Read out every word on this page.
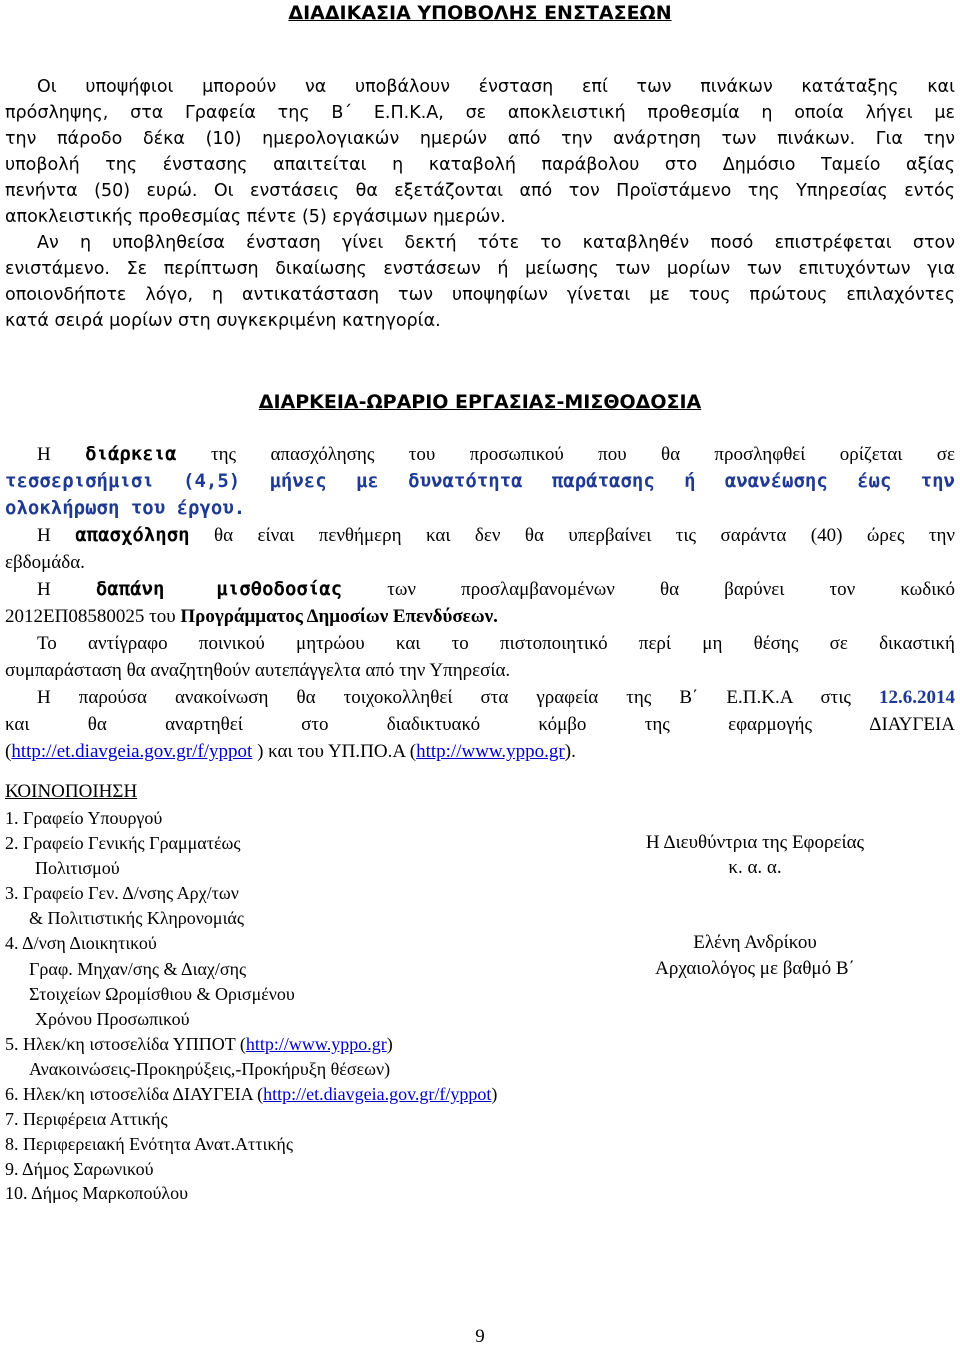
ΔΙΑΔΙΚΑΣΙΑ ΥΠΟΒΟΛΗΣ ΕΝΣΤΑΣΕΩΝ

Οι υποψήφιοι μπορούν να υποβάλουν ένσταση επί των πινάκων κατάταξης και

πρόσληψης, στα Γραφεία της Β΄ Ε.Π.Κ.Α, σε αποκλειστική προθεσμία η οποία λήγει με

την πάροδο δέκα (10) ημερολογιακών ημερών από την ανάρτηση των πινάκων. Για την

υποβολή της ένστασης απαιτείται η καταβολή παράβολου στο Δημόσιο Ταμείο αξίας

πενήντα (50) ευρώ. Οι ενστάσεις θα εξετάζονται από τον Προϊστάμενο της Υπηρεσίας εντός

αποκλειστικής προθεσμίας πέντε (5) εργάσιμων ημερών.

Αν η υποβληθείσα ένσταση γίνει δεκτή τότε το καταβληθέν ποσό επιστρέφεται στον

ενιστάμενο. Σε περίπτωση δικαίωσης ενστάσεων ή μείωσης των μορίων των επιτυχόντων για

οποιονδήποτε λόγο, η αντικατάσταση των υποψηφίων γίνεται με τους πρώτους επιλαχόντες

κατά σειρά μορίων στη συγκεκριμένη κατηγορία.

ΔΙΑΡΚΕΙΑ-ΩΡΑΡΙΟ ΕΡΓΑΣΙΑΣ-ΜΙΣΘΟΔΟΣΙΑ

Η διάρκεια της απασχόλησης του προσωπικού που θα προσληφθεί ορίζεται σε

τεσσερισήμισι (4,5) μήνες με δυνατότητα παράτασης ή ανανέωσης έως την

ολοκλήρωση του έργου.

Η απασχόληση θα είναι πενθήμερη και δεν θα υπερβαίνει τις σαράντα (40) ώρες την

εβδομάδα.

Η δαπάνη μισθοδοσίας των προσλαμβανομένων θα βαρύνει τον κωδικό

2012ΕΠ08580025 του Προγράμματος Δημοσίων Επενδύσεων.

Το αντίγραφο ποινικού μητρώου και το πιστοποιητικό περί μη θέσης σε δικαστική

συμπαράσταση θα αναζητηθούν αυτεπάγγελτα από την Υπηρεσία.

Η παρούσα ανακοίνωση θα τοιχοκολληθεί στα γραφεία της Β΄ Ε.Π.Κ.Α στις 12.6.2014

και θα αναρτηθεί στο διαδικτυακό κόμβο της εφαρμογής ΔΙΑΥΓΕΙΑ

(http://et.diavgeia.gov.gr/f/yppot ) και του ΥΠ.ΠΟ.Α (http://www.yppo.gr).

ΚΟΙΝΟΠΟΙΗΣΗ
1. Γραφείο Υπουργού
2. Γραφείο Γενικής Γραμματέως
Πολιτισμού
3. Γραφείο Γεν. Δ/νσης Αρχ/των
& Πολιτιστικής Κληρονομιάς
4. Δ/νση Διοικητικού
Γραφ. Μηχαν/σης & Διαχ/σης
Στοιχείων Ωρομίσθιου & Ορισμένου
Χρόνου Προσωπικού
5. Ηλεκ/κη ιστοσελίδα ΥΠΠΟΤ (http://www.yppo.gr)
Ανακοινώσεις-Προκηρύξεις,-Προκήρυξη θέσεων)
6. Ηλεκ/κη ιστοσελίδα ΔΙΑΥΓΕΙΑ (http://et.diavgeia.gov.gr/f/yppot)
7. Περιφέρεια Αττικής
8. Περιφερειακή Ενότητα Ανατ.Αττικής
9. Δήμος Σαρωνικού
10. Δήμος Μαρκοπούλου
Η Διευθύντρια της Εφορείας
κ. α. α.
Ελένη Ανδρίκου
Αρχαιολόγος με βαθμό Β΄
9
